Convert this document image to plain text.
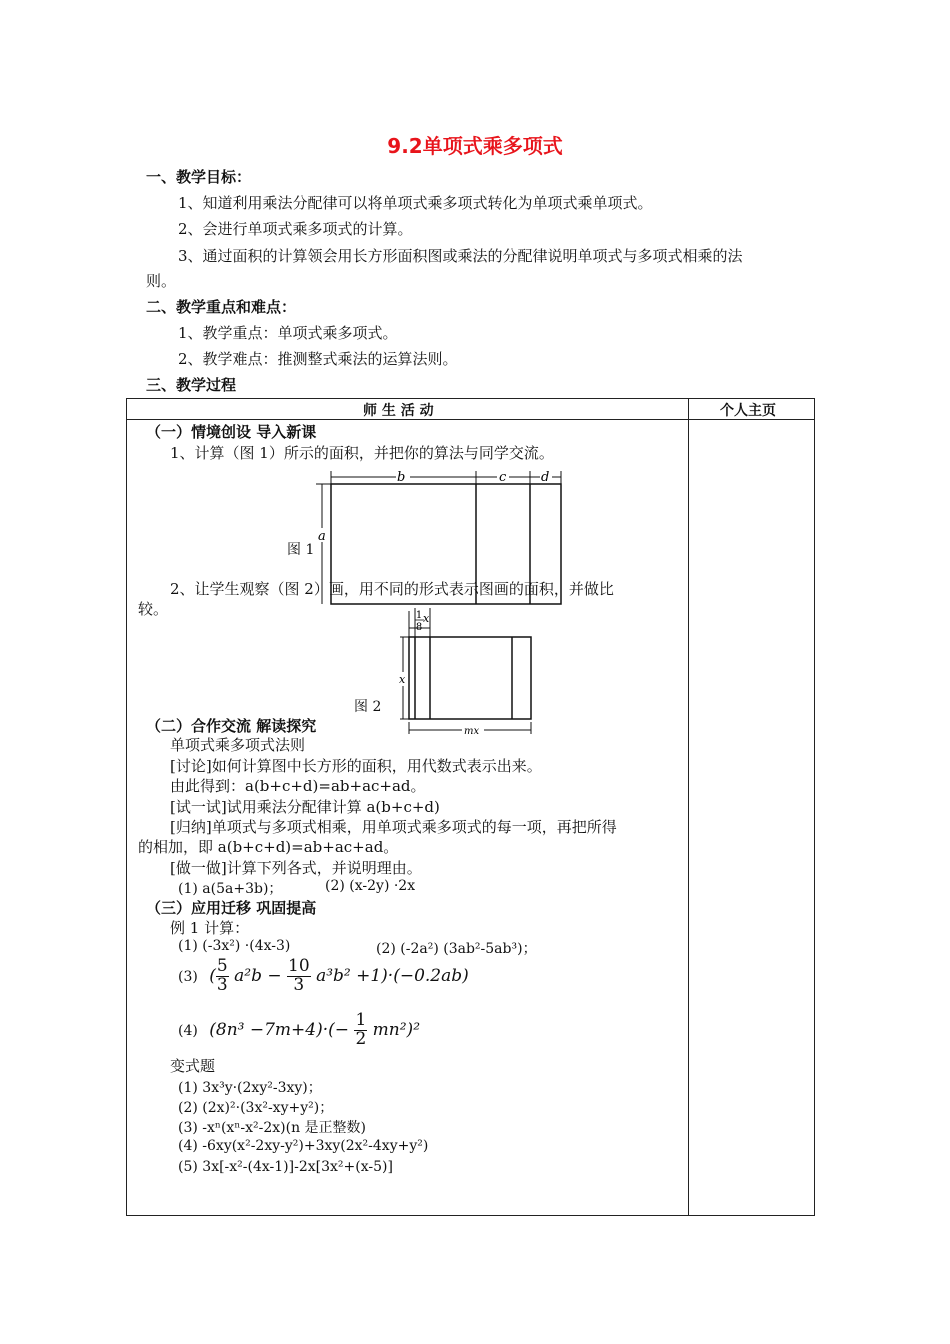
9.2单项式乘多项式
一、教学目标：
1、知道利用乘法分配律可以将单项式乘多项式转化为单项式乘单项式。
2、会进行单项式乘多项式的计算。
3、通过面积的计算领会用长方形面积图或乘法的分配律说明单项式与多项式相乘的法
则。
二、教学重点和难点：
1、教学重点：单项式乘多项式。
2、教学难点：推测整式乘法的运算法则。
三、教学过程
师 生 活 动	个人主页
（一）情境创设 导入新课
1、计算（图 1）所示的面积，并把你的算法与同学交流。
b	c	d
a
图 1
2、让学生观察（图 2）画，用不同的形式表示图画的面积，并做比
较。	1
8
x
x
mx
图 2
（二）合作交流 解读探究
单项式乘多项式法则
[讨论]如何计算图中长方形的面积，用代数式表示出来。
由此得到：a(b+c+d)=ab+ac+ad。
[试一试]试用乘法分配律计算 a(b+c+d)
[归纳]单项式与多项式相乘，用单项式乘多项式的每一项，再把所得
的相加，即 a(b+c+d)=ab+ac+ad。
[做一做]计算下列各式，并说明理由。
(1) a(5a+3b)；	(2) (x-2y) ·2x
（三）应用迁移 巩固提高
例 1 计算：
(1) (-3x²) ·(4x-3)	(2) (-2a²) (3ab²-5ab³)；
(3) ( $\frac{5}{3} a^2b - \frac{10}{3} a^3b^2 +1)\cdot(-0.2ab)$
(4) $(8n^3 -7m+4)\cdot(- \frac{1}{2} mn^2)^2$
变式题
(1) 3x³y·(2xy²-3xy)；
(2) (2x)²·(3x²-xy+y²)；
(3) -xⁿ(xⁿ-x²-2x)(n 是正整数)
(4) -6xy(x²-2xy-y²)+3xy(2x²-4xy+y²)
(5) 3x[-x²-(4x-1)]-2x[3x²+(x-5)]
